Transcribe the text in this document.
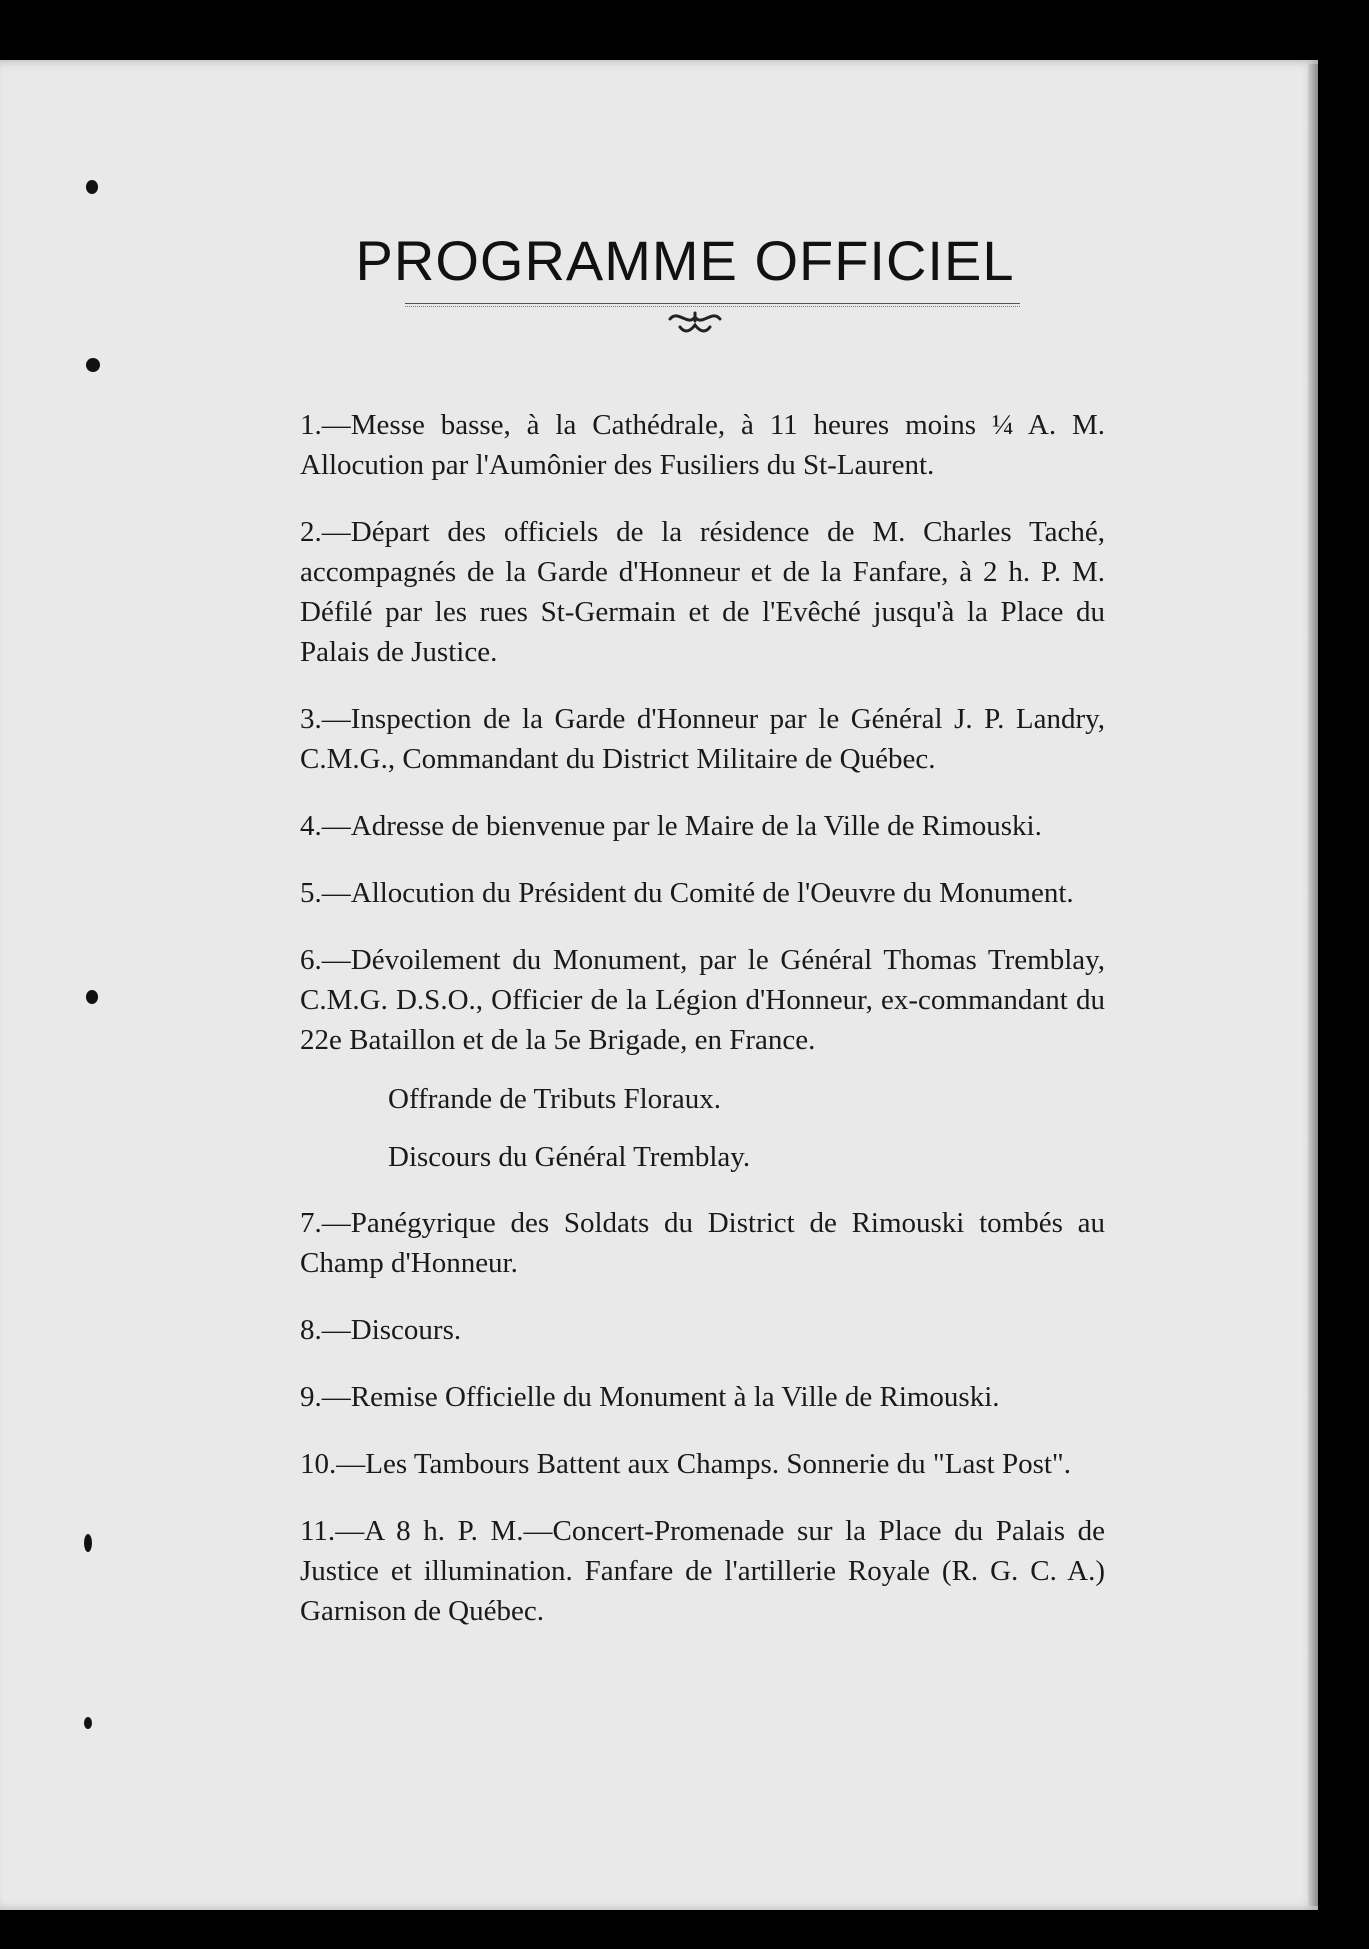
PROGRAMME OFFICIEL
1.—Messe basse, à la Cathédrale, à 11 heures moins ¼ A. M. Allocution par l'Aumônier des Fusiliers du St-Laurent.
2.—Départ des officiels de la résidence de M. Charles Taché, accompagnés de la Garde d'Honneur et de la Fanfare, à 2 h. P. M. Défilé par les rues St-Germain et de l'Evêché jusqu'à la Place du Palais de Justice.
3.—Inspection de la Garde d'Honneur par le Général J. P. Landry, C.M.G., Commandant du District Militaire de Québec.
4.—Adresse de bienvenue par le Maire de la Ville de Rimouski.
5.—Allocution du Président du Comité de l'Oeuvre du Monument.
6.—Dévoilement du Monument, par le Général Thomas Tremblay, C.M.G. D.S.O., Officier de la Légion d'Honneur, ex-commandant du 22e Bataillon et de la 5e Brigade, en France.
Offrande de Tributs Floraux.
Discours du Général Tremblay.
7.—Panégyrique des Soldats du District de Rimouski tombés au Champ d'Honneur.
8.—Discours.
9.—Remise Officielle du Monument à la Ville de Rimouski.
10.—Les Tambours Battent aux Champs. Sonnerie du "Last Post".
11.—A 8 h. P. M.—Concert-Promenade sur la Place du Palais de Justice et illumination. Fanfare de l'artillerie Royale (R. G. C. A.) Garnison de Québec.
